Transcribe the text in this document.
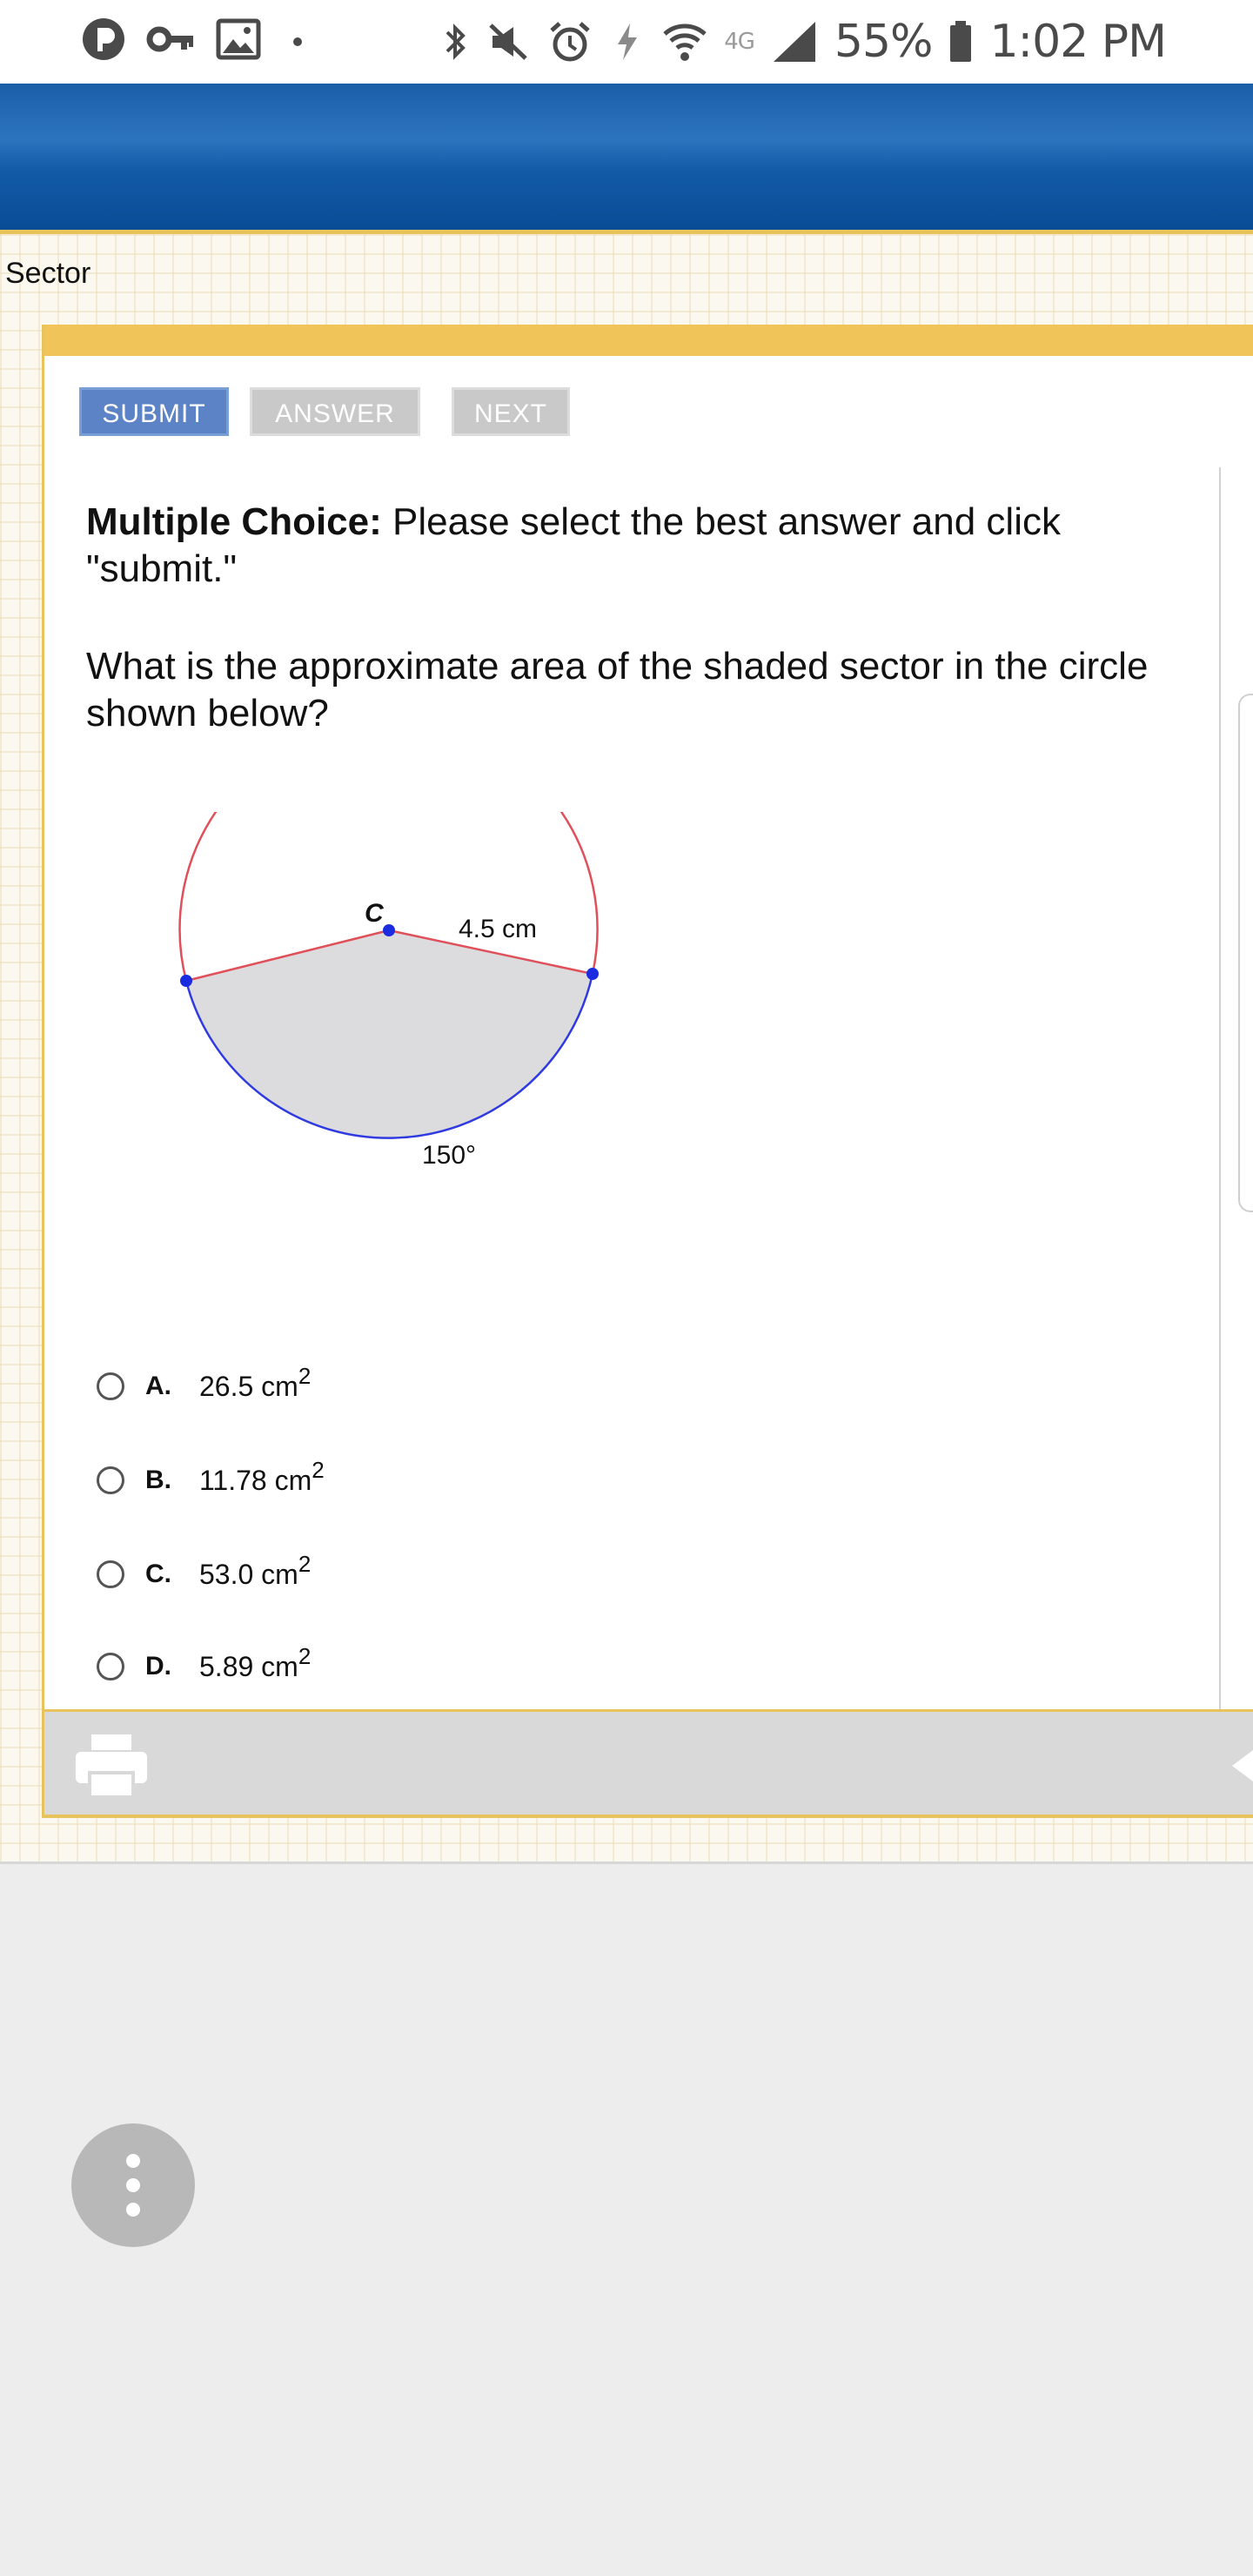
4G 55% 1:02 PM
Sector
SUBMIT	ANSWER	NEXT
Multiple Choice: Please select the best answer and click "submit."
What is the approximate area of the shaded sector in the circle shown below?
C
4.5 cm
150°
A.	26.5 $cm^2$
B.	11.78 $cm^2$
C.	53.0 $cm^2$
D.	5.89 $cm^2$
